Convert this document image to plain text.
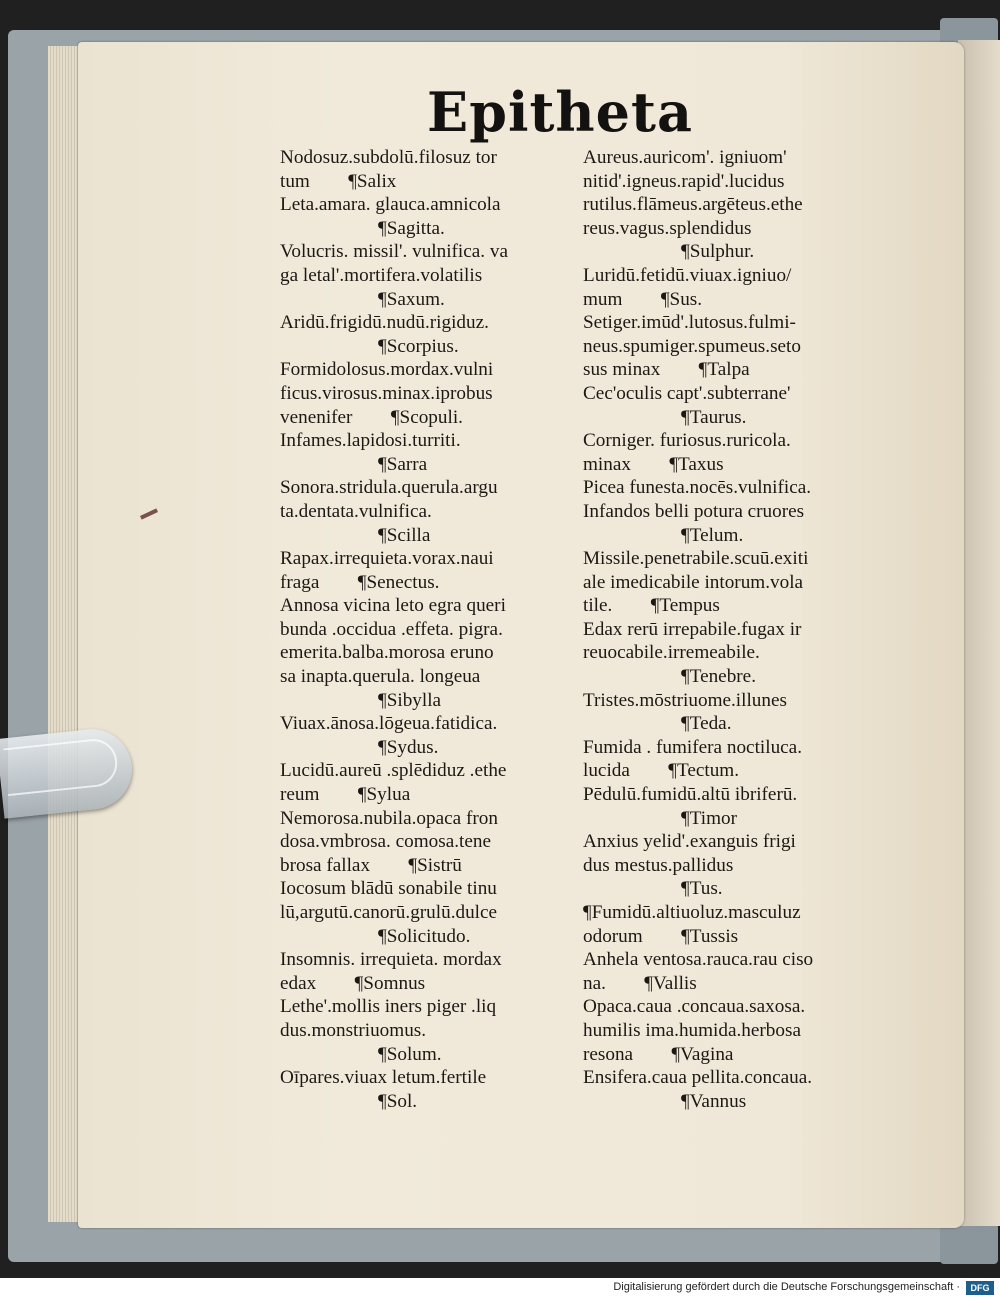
Epitheta
Nodosuz.subdolū.filosuz tor
tum ¶Salix
Leta.amara. glauca.amnicola
¶Sagitta.
Volucris. missil'. vulnifica. va
ga letal'.mortifera.volatilis
¶Saxum.
Aridū.frigidū.nudū.rigiduz.
¶Scorpius.
Formidolosus.mordax.vulni
ficus.virosus.minax.iprobus
venenifer ¶Scopuli.
Infames.lapidosi.turriti.
¶Sarra
Sonora.stridula.querula.argu
ta.dentata.vulnifica.
¶Scilla
Rapax.irrequieta.vorax.naui
fraga ¶Senectus.
Annosa vicina leto egra queri
bunda .occidua .effeta. pigra.
emerita.balba.morosa eruno
sa inapta.querula. longeua
¶Sibylla
Viuax.ānosa.lōgeua.fatidica.
¶Sydus.
Lucidū.aureū .splēdiduz .ethe
reum ¶Sylua
Nemorosa.nubila.opaca fron
dosa.vmbrosa. comosa.tene
brosa fallax ¶Sistrū
Iocosum blādū sonabile tinu
lū,argutū.canorū.grulū.dulce
¶Solicitudo.
Insomnis. irrequieta. mordax
edax ¶Somnus
Lethe'.mollis iners piger .liq
dus.monstriuomus.
¶Solum.
Oīpares.viuax letum.fertile
¶Sol.
Aureus.auricom'. igniuom'
nitid'.igneus.rapid'.lucidus
rutilus.flāmeus.argēteus.ethe
reus.vagus.splendidus
¶Sulphur.
Luridū.fetidū.viuax.igniuo/
mum ¶Sus.
Setiger.imūd'.lutosus.fulmi-
neus.spumiger.spumeus.seto
sus minax ¶Talpa
Cec'oculis capt'.subterrane'
¶Taurus.
Corniger. furiosus.ruricola.
minax ¶Taxus
Picea funesta.nocēs.vulnifica.
Infandos belli potura cruores
¶Telum.
Missile.penetrabile.scuū.exiti
ale imedicabile intorum.vola
tile. ¶Tempus
Edax rerū irrepabile.fugax ir
reuocabile.irremeabile.
¶Tenebre.
Tristes.mōstriuome.illunes
¶Teda.
Fumida . fumifera noctiluca.
lucida ¶Tectum.
Pēdulū.fumidū.altū ibriferū.
¶Timor
Anxius yelid'.exanguis frigi
dus mestus.pallidus
¶Tus.
¶Fumidū.altiuoluz.masculuz
odorum ¶Tussis
Anhela ventosa.rauca.rau ciso
na. ¶Vallis
Opaca.caua .concaua.saxosa.
humilis ima.humida.herbosa
resona ¶Vagina
Ensifera.caua pellita.concaua.
¶Vannus
Digitalisierung gefördert durch die Deutsche Forschungsgemeinschaft ·	DFG
